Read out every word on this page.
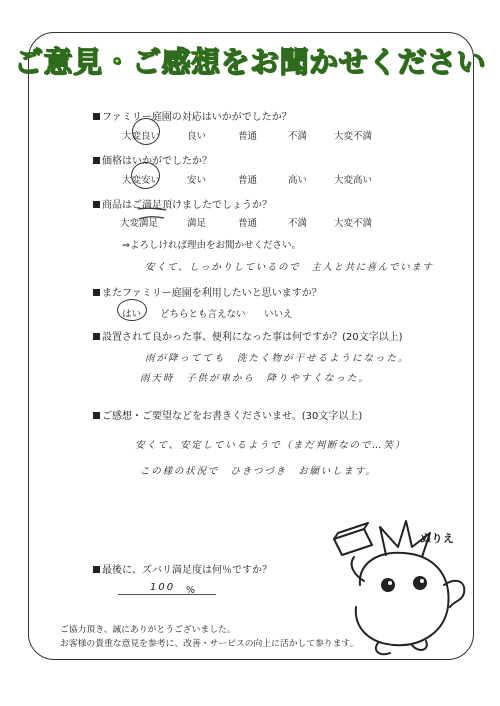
ご意見・ご感想をお聞かせください
ファミリー庭園の対応はいかがでしたか？
大変良い	良い	普通	不満	大変不満
価格はいかがでしたか？
大変安い	安い	普通	高い	大変高い
商品はご満足頂けましたでしょうか？
大変満足	満足	普通	不満	大変不満
⇒よろしければ理由をお聞かせください。
安くて、しっかりしているので　主人と共に喜んでいます
またファミリー庭園を利用したいと思いますか？
はい どちらとも言えない いいえ
設置されて良かった事、便利になった事は何ですか？(20文字以上)
雨が降ってても　洗たく物が干せるようになった。
雨天時　子供が車から　降りやすくなった。
ご感想・ご要望などをお書きくださいませ。(30文字以上)
安くて、安定しているようで（まだ判断なので…笑）
この様の状況で　ひきつづき　お願いします。
最後に、ズバリ満足度は何％ですか？
100 %
ぬりえ
ご協力頂き、誠にありがとうございました。
お客様の貴重な意見を参考に、改善・サービスの向上に活かして参ります。
